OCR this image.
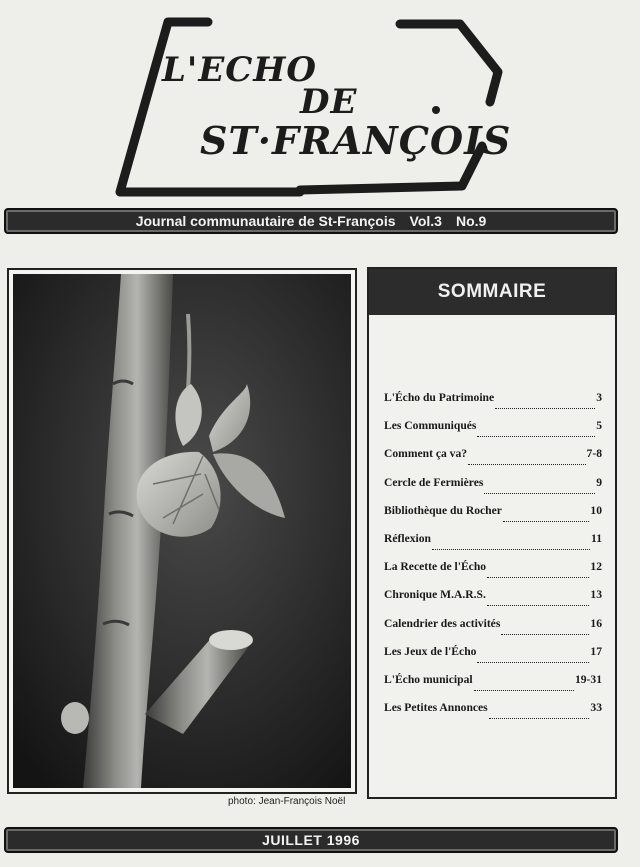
L'ECHO
DE
ST·FRANÇOIS
Journal communautaire de St-François Vol.3 No.9
photo: Jean-François Noël
SOMMAIRE
L'Écho du Patrimoine	3
Les Communiqués	5
Comment ça va?	7-8
Cercle de Fermières	9
Bibliothèque du Rocher	10
Réflexion	11
La Recette de l'Écho	12
Chronique M.A.R.S.	13
Calendrier des activités	16
Les Jeux de l'Écho	17
L'Écho municipal	19-31
Les Petites Annonces	33
JUILLET 1996
